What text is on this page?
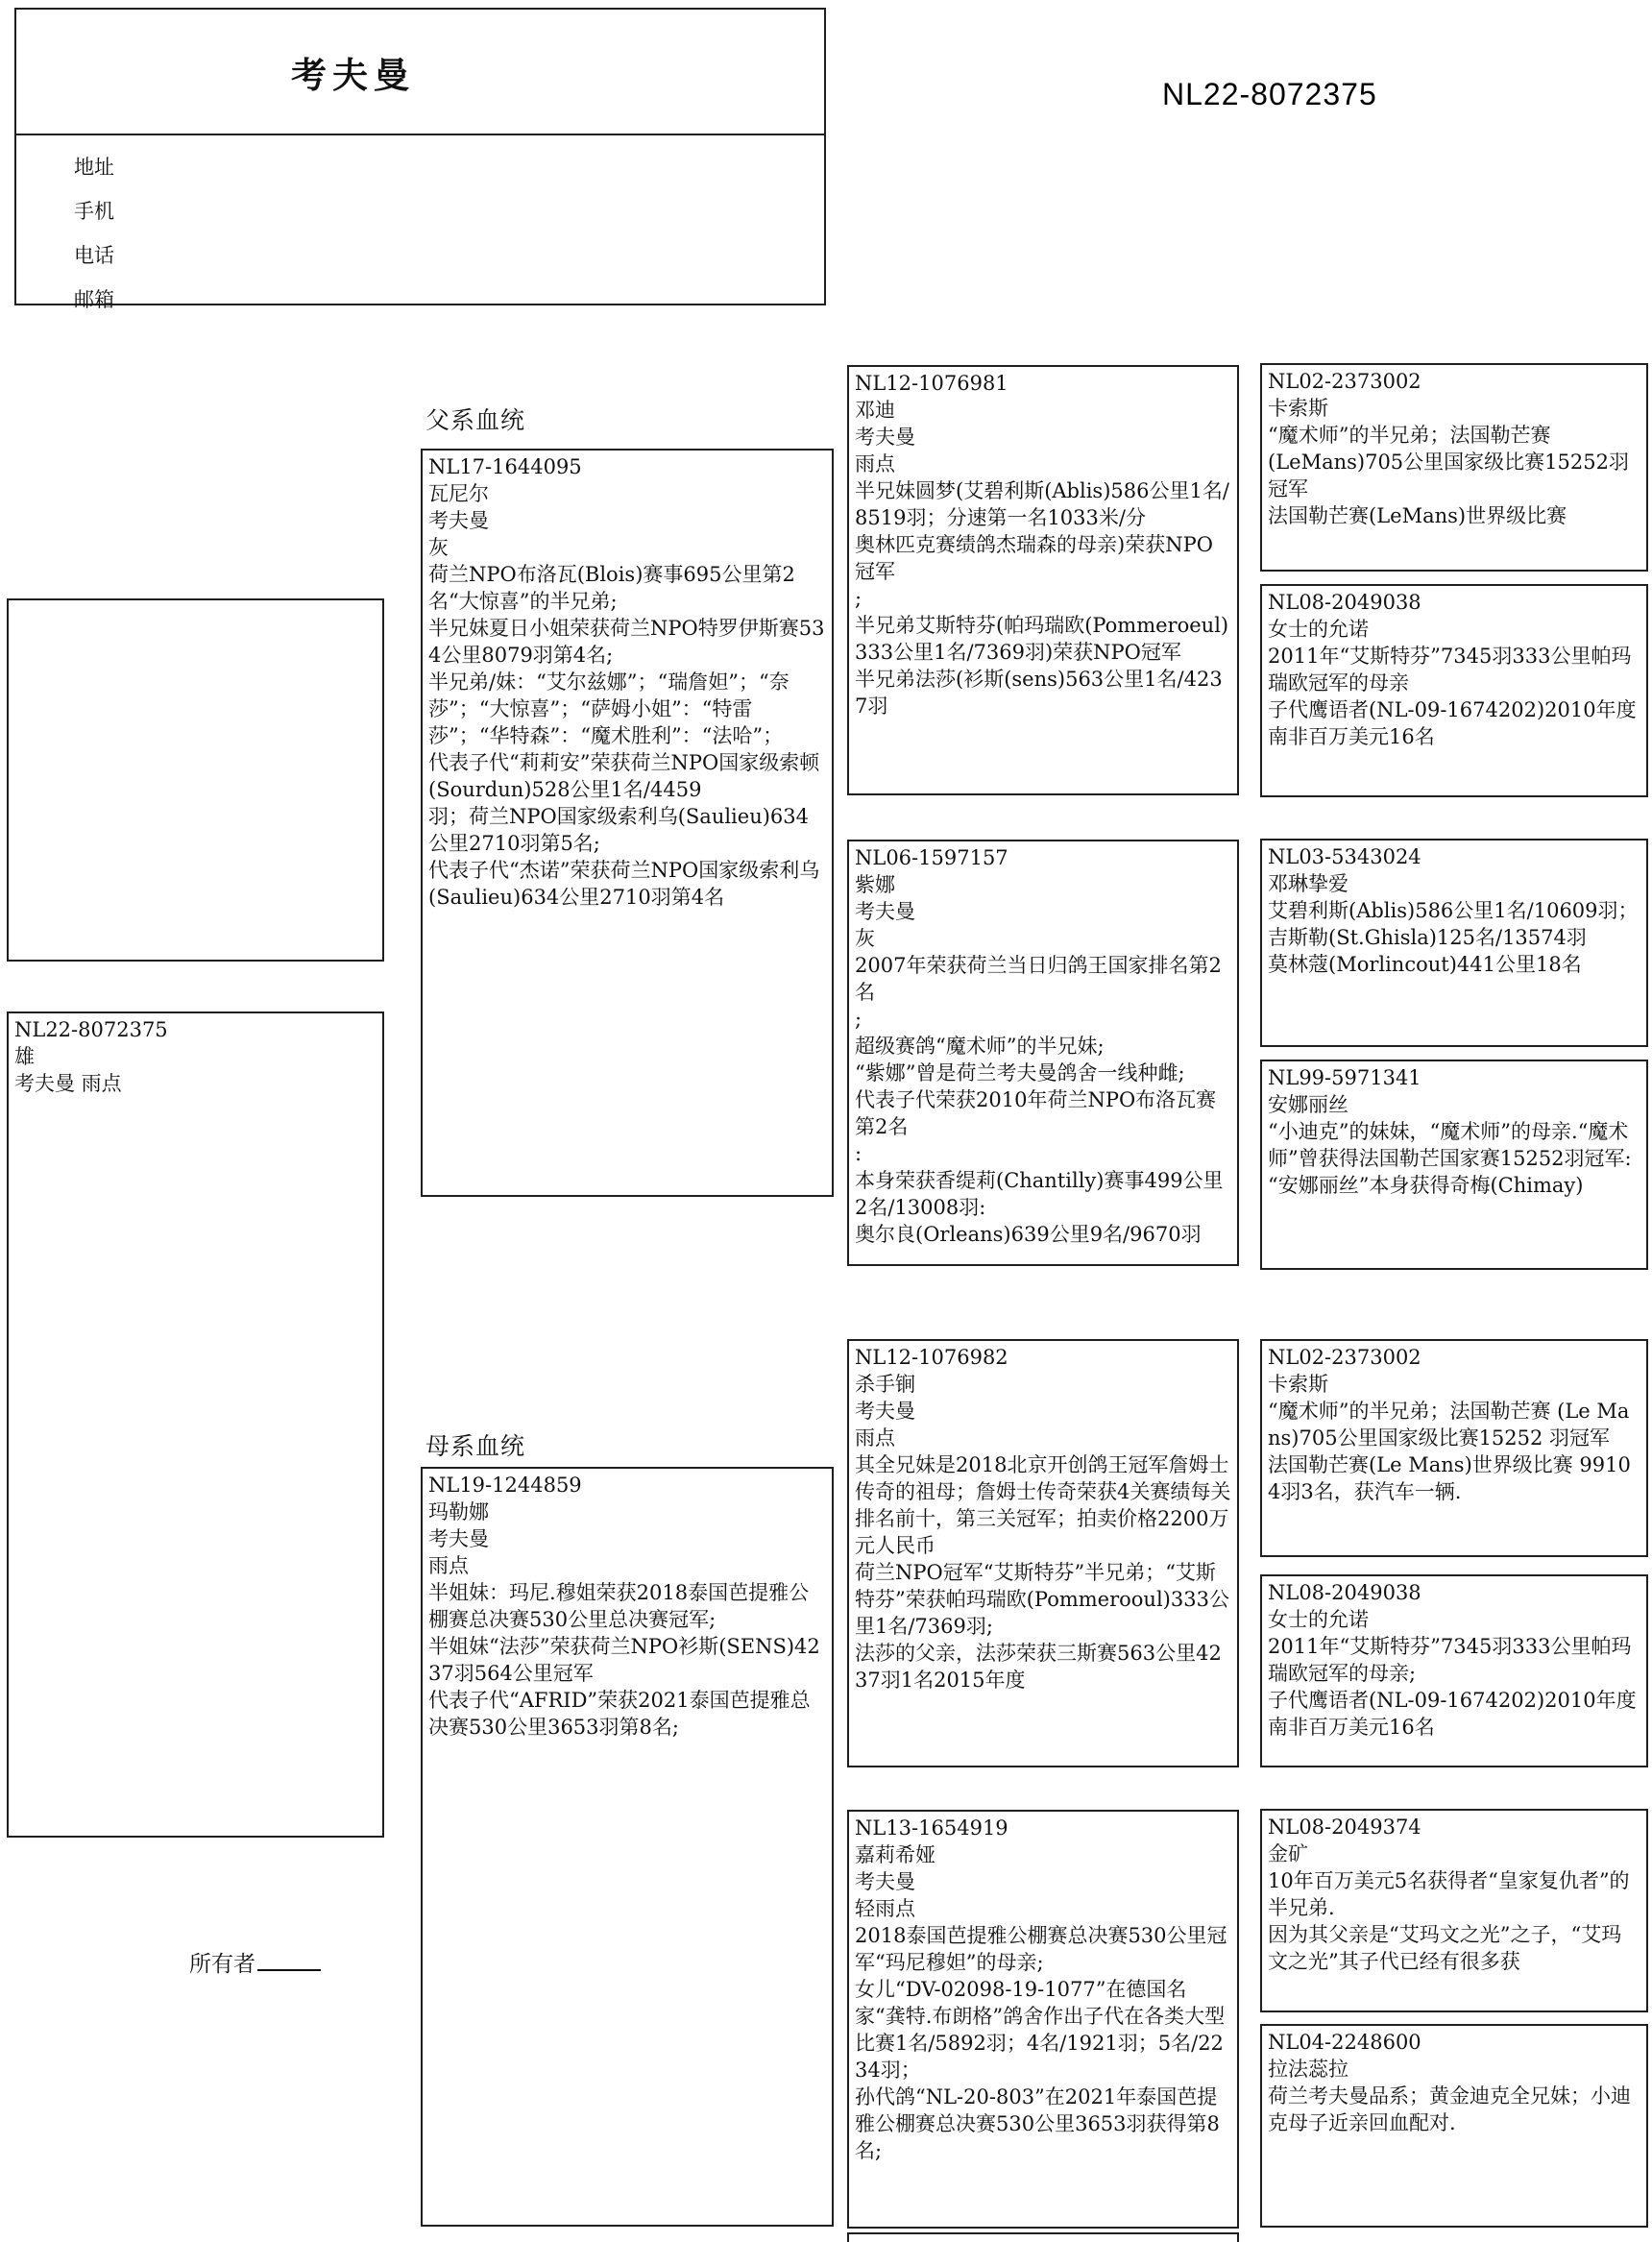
考夫曼
地址
手机
电话
邮箱
NL22-8072375
NL22-8072375
雄
考夫曼 雨点
父系血统
NL17-1644095
瓦尼尔
考夫曼
灰
荷兰NPO布洛瓦(Blois)赛事695公里第2名“大惊喜”的半兄弟;
半兄妹夏日小姐荣获荷兰NPO特罗伊斯赛534公里8079羽第4名;
半兄弟/妹：“艾尔兹娜”；“瑞詹妲”；“奈莎”；“大惊喜”；“萨姆小姐”：“特雷莎”；“华特森”：“魔术胜利”：“法哈”；
代表子代“莉莉安”荣获荷兰NPO国家级索顿(Sourdun)528公里1名/4459
羽；荷兰NPO国家级索利乌(Saulieu)634公里2710羽第5名;
代表子代“杰诺”荣获荷兰NPO国家级索利乌(Saulieu)634公里2710羽第4名
母系血统
NL19-1244859
玛勒娜
考夫曼
雨点
半姐妹：玛尼.穆姐荣获2018泰国芭提雅公棚赛总决赛530公里总决赛冠军;
半姐妹“法莎”荣获荷兰NPO衫斯(SENS)4237羽564公里冠军
代表子代“AFRID”荣获2021泰国芭提雅总决赛530公里3653羽第8名;
NL12-1076981
邓迪
考夫曼
雨点
半兄妹圆梦(艾碧利斯(Ablis)586公里1名/8519羽；分速第一名1033米/分
奥林匹克赛绩鸽杰瑞森的母亲)荣获NPO冠军
;
半兄弟艾斯特芬(帕玛瑞欧(Pommeroeul)333公里1名/7369羽)荣获NPO冠军
半兄弟法莎(衫斯(sens)563公里1名/4237羽
NL06-1597157
紫娜
考夫曼
灰
2007年荣获荷兰当日归鸽王国家排名第2名
;
超级赛鸽“魔术师”的半兄妹;
“紫娜”曾是荷兰考夫曼鸽舍一线种雌;
代表子代荣获2010年荷兰NPO布洛瓦赛第2名
:
本身荣获香缇莉(Chantilly)赛事499公里2名/13008羽:
奥尔良(Orleans)639公里9名/9670羽
NL12-1076982
杀手锏
考夫曼
雨点
其全兄妹是2018北京开创鸽王冠军詹姆士传奇的祖母；詹姆士传奇荣获4关赛绩每关排名前十，第三关冠军；拍卖价格2200万元人民币
荷兰NPO冠军“艾斯特芬”半兄弟；“艾斯特芬”荣获帕玛瑞欧(Pommerooul)333公里1名/7369羽;
法莎的父亲，法莎荣获三斯赛563公里4237羽1名2015年度
NL13-1654919
嘉莉希娅
考夫曼
轻雨点
2018泰国芭提雅公棚赛总决赛530公里冠军“玛尼穆妲”的母亲;
女儿“DV-02098-19-1077”在德国名家“龚特.布朗格”鸽舍作出子代在各类大型比赛1名/5892羽；4名/1921羽；5名/2234羽；
孙代鸽“NL-20-803”在2021年泰国芭提雅公棚赛总决赛530公里3653羽获得第8名;
NL02-2373002
卡索斯
“魔术师”的半兄弟；法国勒芒赛
(LeMans)705公里国家级比赛15252羽冠军
法国勒芒赛(LeMans)世界级比赛
NL08-2049038
女士的允诺
2011年“艾斯特芬”7345羽333公里帕玛瑞欧冠军的母亲
子代鹰语者(NL-09-1674202)2010年度南非百万美元16名
NL03-5343024
邓琳挚爱
艾碧利斯(Ablis)586公里1名/10609羽；
吉斯勒(St.Ghisla)125名/13574羽
莫林蔻(Morlincout)441公里18名
NL99-5971341
安娜丽丝
“小迪克”的妹妹，“魔术师”的母亲.“魔术师”曾获得法国勒芒国家赛15252羽冠军:
“安娜丽丝”本身获得奇梅(Chimay)
NL02-2373002
卡索斯
“魔术师”的半兄弟；法国勒芒赛 (Le Mans)705公里国家级比赛15252 羽冠军
法国勒芒赛(Le Mans)世界级比赛 99104羽3名，获汽车一辆.
NL08-2049038
女士的允诺
2011年“艾斯特芬”7345羽333公里帕玛瑞欧冠军的母亲;
子代鹰语者(NL-09-1674202)2010年度南非百万美元16名
NL08-2049374
金矿
10年百万美元5名获得者“皇家复仇者”的半兄弟.
因为其父亲是“艾玛文之光”之子，“艾玛文之光”其子代已经有很多获
NL04-2248600
拉法蕊拉
荷兰考夫曼品系；黄金迪克全兄妹；小迪克母子近亲回血配对.
所有者
